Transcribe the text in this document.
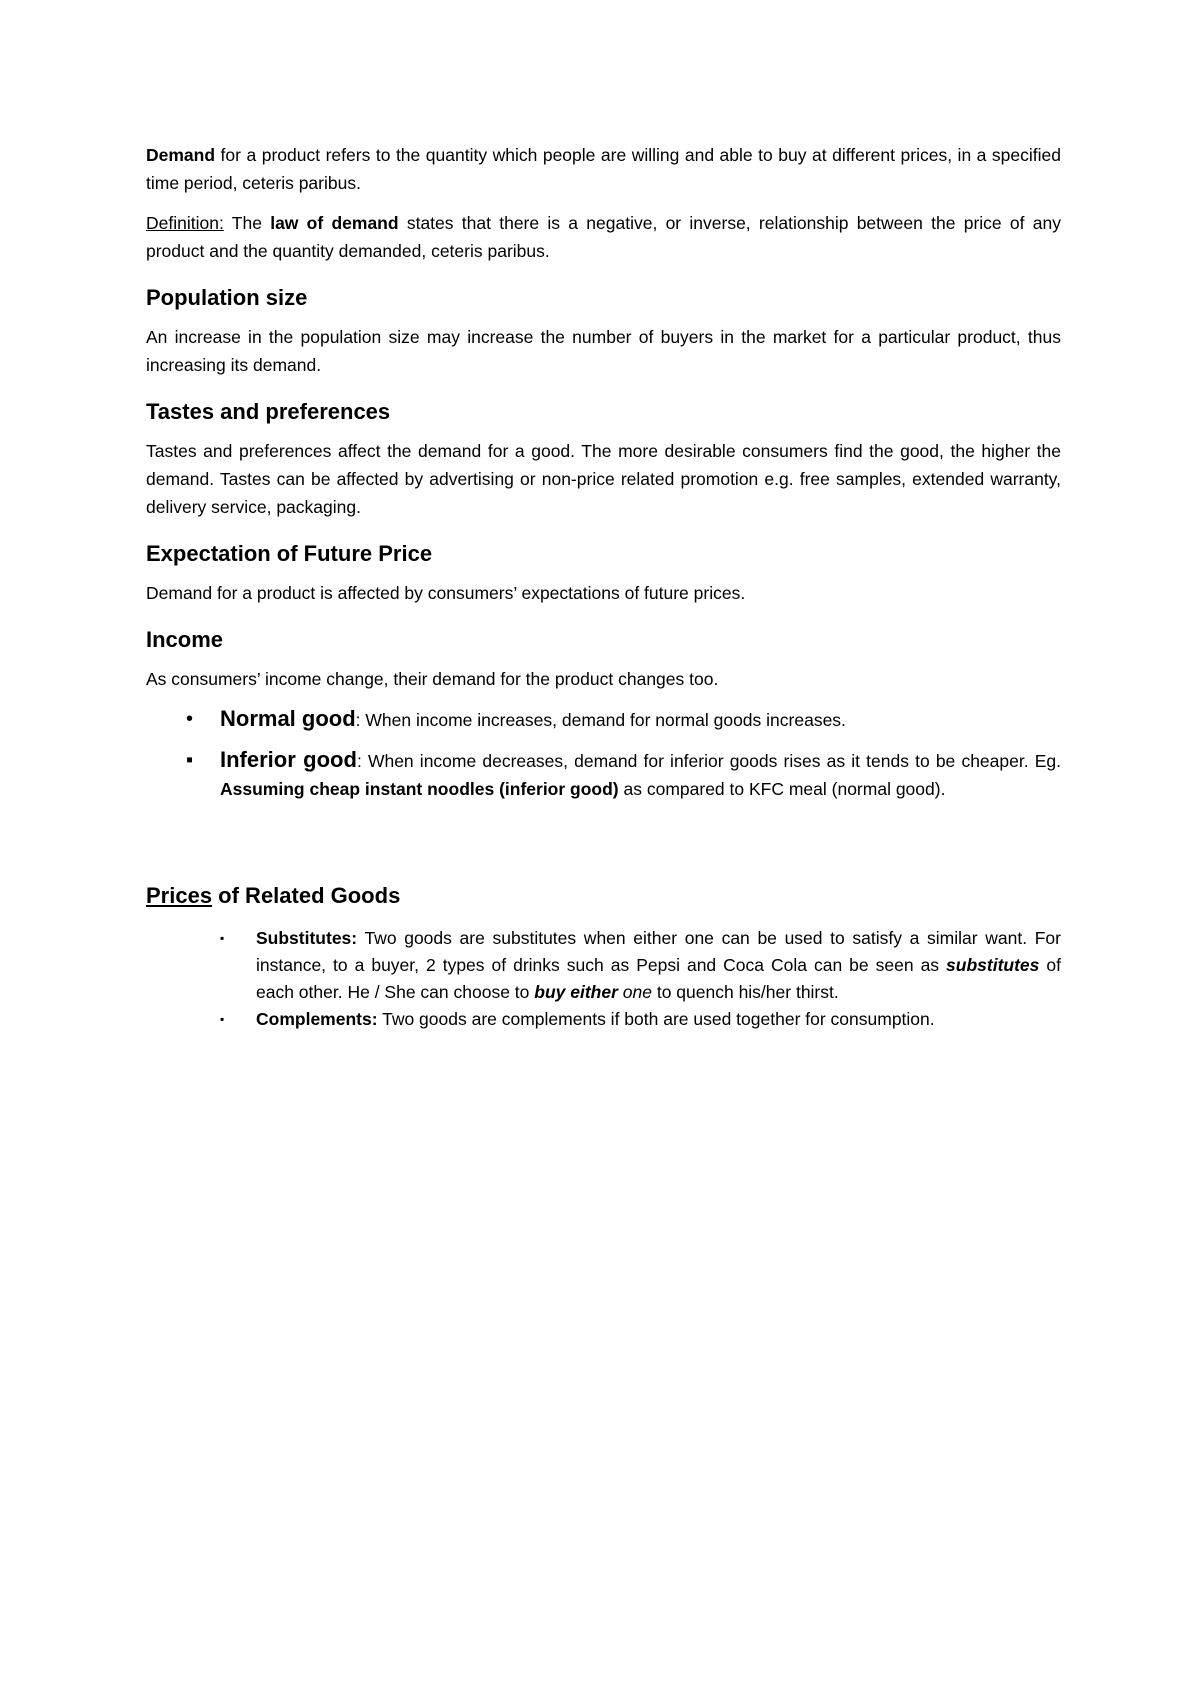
Demand for a product refers to the quantity which people are willing and able to buy at different prices, in a specified time period, ceteris paribus.

Definition: The law of demand states that there is a negative, or inverse, relationship between the price of any product and the quantity demanded, ceteris paribus.

Population size

An increase in the population size may increase the number of buyers in the market for a particular product, thus increasing its demand.

Tastes and preferences

Tastes and preferences affect the demand for a good. The more desirable consumers find the good, the higher the demand. Tastes can be affected by advertising or non-price related promotion e.g. free samples, extended warranty, delivery service, packaging.

Expectation of Future Price

Demand for a product is affected by consumers’ expectations of future prices.

Income

As consumers’ income change, their demand for the product changes too.

• Normal good: When income increases, demand for normal goods increases.
▪ Inferior good: When income decreases, demand for inferior goods rises as it tends to be cheaper. Eg. Assuming cheap instant noodles (inferior good) as compared to KFC meal (normal good).
Prices of Related Goods
▪ Substitutes: Two goods are substitutes when either one can be used to satisfy a similar want. For instance, to a buyer, 2 types of drinks such as Pepsi and Coca Cola can be seen as substitutes of each other. He / She can choose to buy either one to quench his/her thirst.
▪ Complements: Two goods are complements if both are used together for consumption.
